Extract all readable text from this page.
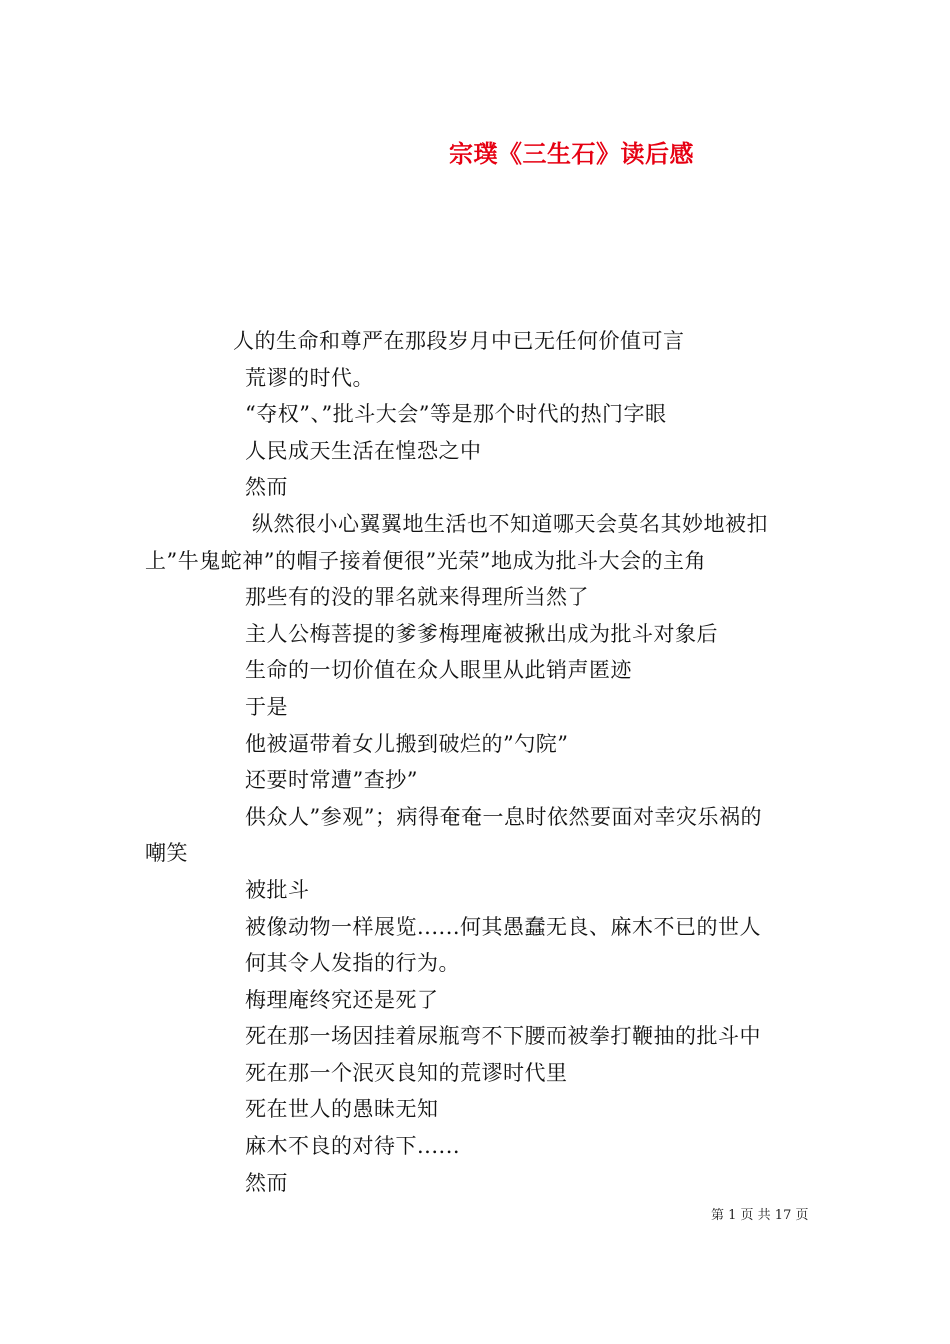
宗璞《三生石》读后感
人的生命和尊严在那段岁月中已无任何价值可言
荒谬的时代。
“夺权”、”批斗大会”等是那个时代的热门字眼
人民成天生活在惶恐之中
然而
纵然很小心翼翼地生活也不知道哪天会莫名其妙地被扣
上”牛鬼蛇神”的帽子接着便很”光荣”地成为批斗大会的主角
那些有的没的罪名就来得理所当然了
主人公梅菩提的爹爹梅理庵被揪出成为批斗对象后
生命的一切价值在众人眼里从此销声匿迹
于是
他被逼带着女儿搬到破烂的”勺院”
还要时常遭”查抄”
供众人”参观”；病得奄奄一息时依然要面对幸灾乐祸的
嘲笑
被批斗
被像动物一样展览......何其愚蠢无良、麻木不已的世人
何其令人发指的行为。
梅理庵终究还是死了
死在那一场因挂着尿瓶弯不下腰而被拳打鞭抽的批斗中
死在那一个泯灭良知的荒谬时代里
死在世人的愚昧无知
麻木不良的对待下......
然而
第 1 页 共 17 页
